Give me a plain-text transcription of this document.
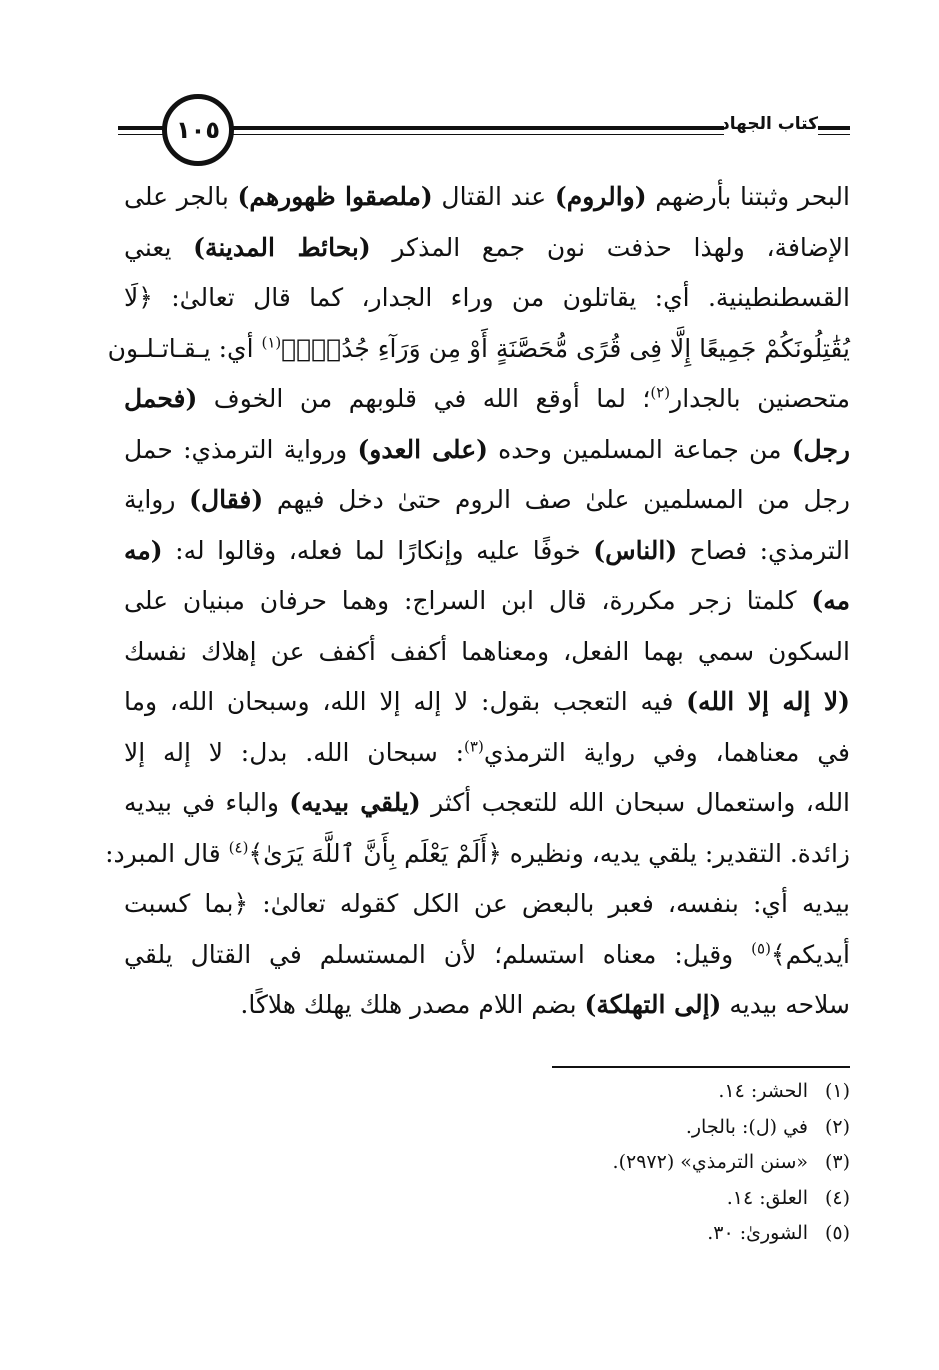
١٠٥	كتاب الجهاد
البحر وثبتنا بأرضهم (والروم) عند القتال (ملصقوا ظهورهم) بالجر على
الإضافة، ولهذا حذفت نون جمع المذكر (بحائط المدينة) يعني
القسطنطينية. أي: يقاتلون من وراء الجدار، كما قال تعالىٰ: ﴿لَا
يُقَٰتِلُونَكُمْ جَمِيعًا إِلَّا فِى قُرًى مُّحَصَّنَةٍ أَوْ مِن وَرَآءِ جُدُرٍۢ﴾$^{(١)}$ أي: يـقـاتـلـون
متحصنين بالجدار$^{(٢)}$؛ لما أوقع الله في قلوبهم من الخوف (فحمل
رجل) من جماعة المسلمين وحده (على العدو) ورواية الترمذي: حمل
رجل من المسلمين علىٰ صف الروم حتىٰ دخل فيهم (فقال) رواية
الترمذي: فصاح (الناس) خوفًا عليه وإنكارًا لما فعله، وقالوا له: (مه
مه) كلمتا زجر مكررة، قال ابن السراج: وهما حرفان مبنيان على
السكون سمي بهما الفعل، ومعناهما أكفف أكفف عن إهلاك نفسك
(لا إله إلا الله) فيه التعجب بقول: لا إله إلا الله، وسبحان الله، وما
في معناهما، وفي رواية الترمذي$^{(٣)}$: سبحان الله. بدل: لا إله إلا
الله، واستعمال سبحان الله للتعجب أكثر (يلقي بيديه) والباء في بيديه
زائدة. التقدير: يلقي يديه، ونظيره ﴿أَلَمْ يَعْلَم بِأَنَّ ٱللَّهَ يَرَىٰ﴾$^{(٤)}$ قال المبرد:
بيديه أي: بنفسه، فعبر بالبعض عن الكل كقوله تعالىٰ: ﴿بما كسبت
أيديكم﴾$^{(٥)}$ وقيل: معناه استسلم؛ لأن المستسلم في القتال يلقي
سلاحه بيديه (إلى التهلكة) بضم اللام مصدر هلك يهلك هلاكًا.
(١)الحشر: ١٤.
(٢)في (ل): بالجار.
(٣)«سنن الترمذي» (٢٩٧٢).
(٤)العلق: ١٤.
(٥)الشورىٰ: ٣٠.
